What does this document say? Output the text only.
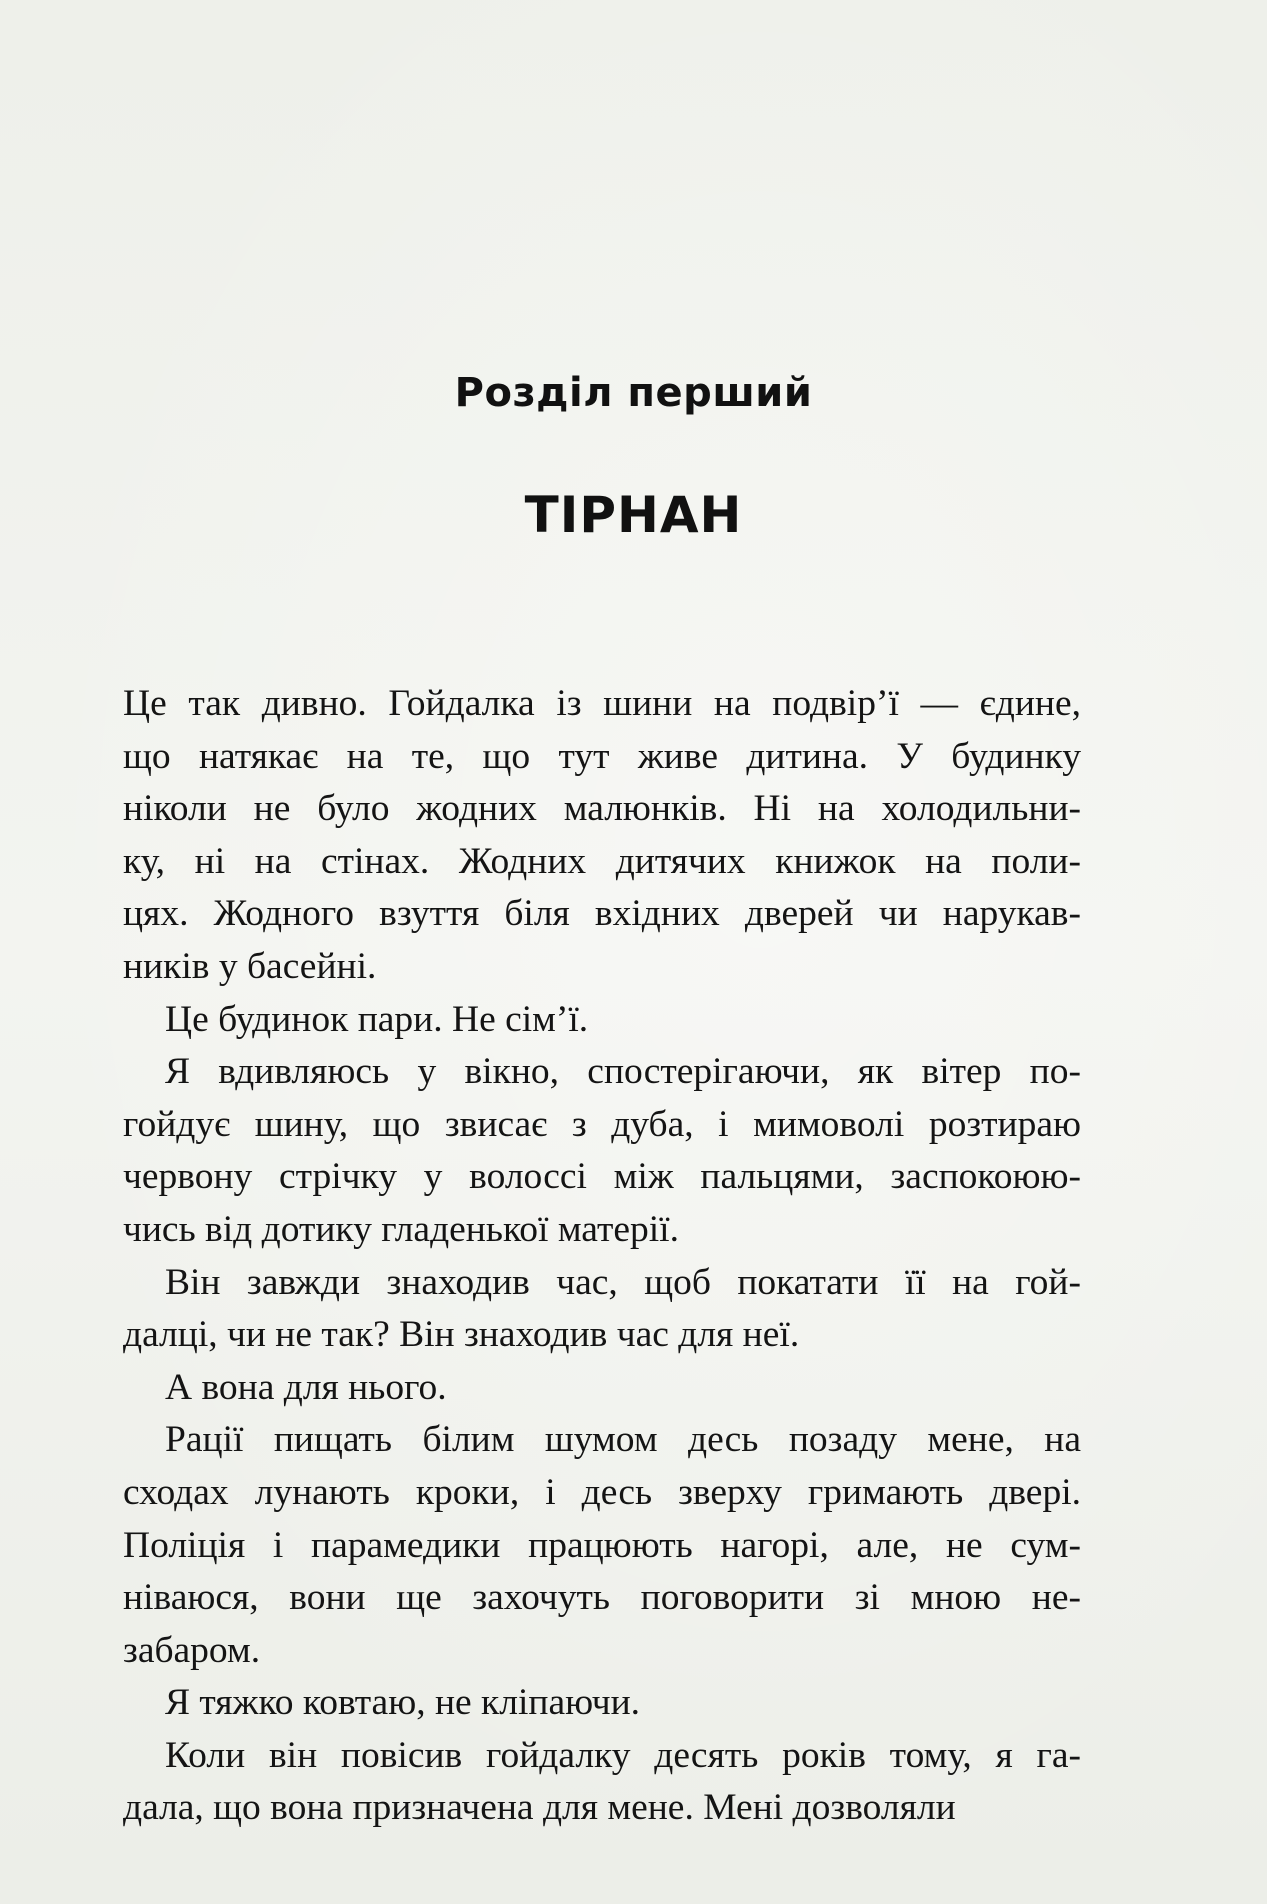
Розділ перший
ТІРНАН
Це так дивно. Гойдалка із шини на подвір’ї — єдине,
що натякає на те, що тут живе дитина. У будинку
ніколи не було жодних малюнків. Ні на холодильни-
ку, ні на стінах. Жодних дитячих книжок на поли-
цях. Жодного взуття біля вхідних дверей чи нарукав-
ників у басейні.
Це будинок пари. Не сім’ї.
Я вдивляюсь у вікно, спостерігаючи, як вітер по-
гойдує шину, що звисає з дуба, і мимоволі розтираю
червону стрічку у волоссі між пальцями, заспокоюю-
чись від дотику гладенької матерії.
Він завжди знаходив час, щоб покатати її на гой-
далці, чи не так? Він знаходив час для неї.
А вона для нього.
Рації пищать білим шумом десь позаду мене, на
сходах лунають кроки, і десь зверху гримають двері.
Поліція і парамедики працюють нагорі, але, не сум-
ніваюся, вони ще захочуть поговорити зі мною не-
забаром.
Я тяжко ковтаю, не кліпаючи.
Коли він повісив гойдалку десять років тому, я га-
дала, що вона призначена для мене. Мені дозволяли
